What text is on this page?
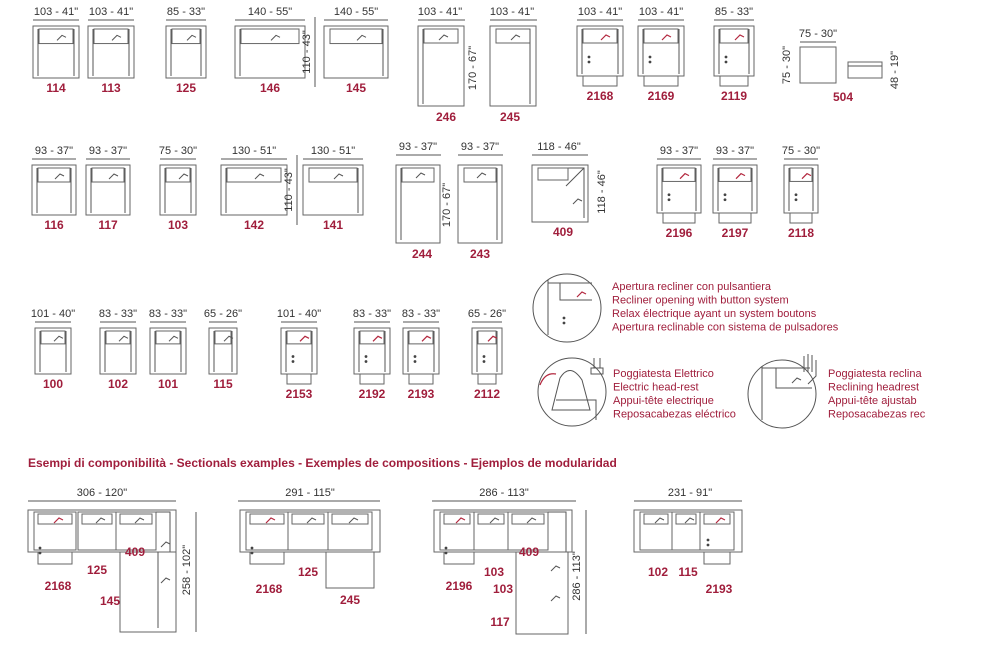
103 - 41"
114
103 - 41"
113
85 - 33"
125
140 - 55"
146
140 - 55"
145
110 - 43"
103 - 41"
246
103 - 41"
245
170 - 67"
103 - 41"
2168
103 - 41"
2169
85 - 33"
2119
75 - 30"
75 - 30"	48 - 19"
504
93 - 37"
116
93 - 37"
117
75 - 30"
103
130 - 51"
142
130 - 51"
141
110 - 43"
93 - 37"
244
93 - 37"
243
170 - 67"
118 - 46"
118 - 46"
409
93 - 37"
2196
93 - 37"
2197
75 - 30"
2118
101 - 40"
100
83 - 33"
102
83 - 33"
101
65 - 26"
115
101 - 40"
2153
83 - 33"
2192
83 - 33"
2193
65 - 26"
2112
Apertura recliner con pulsantiera
Recliner opening with button system
Relax électrique ayant un system boutons
Apertura reclinable con sistema de pulsadores
Poggiatesta Elettrico
Electric head-rest
Appui-tête electrique
Reposacabezas eléctrico
Poggiatesta reclina
Reclining headrest
Appui-tête ajustab
Reposacabezas rec
Esempi di componibilità - Sectionals examples - Exemples de compositions - Ejemplos de modularidad
306 - 120"
258 - 102"
409
2168
125
145
291 - 115"
2168
125
245
286 - 113"
286 - 113"
409
2196
103
103
117
231 - 91"
102 115
2193
